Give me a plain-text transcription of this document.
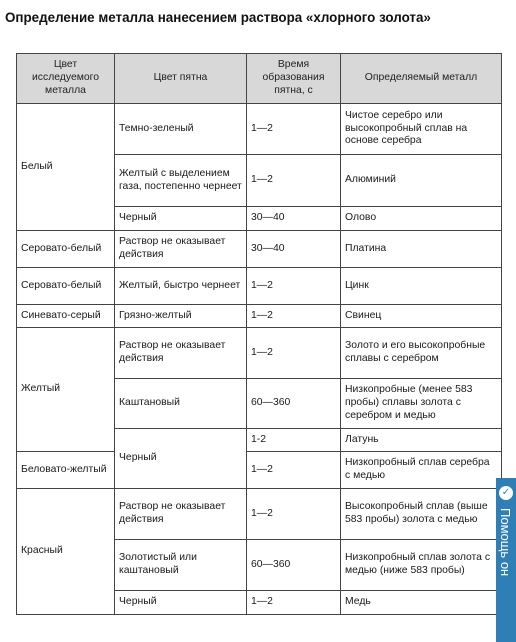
Определение металла нанесением раствора «хлорного золота»
Цвет исследуемого металла	Цвет пятна	Время образования пятна, с	Определяемый металл
Белый	Темно-зеленый	1—2	Чистое серебро или высокопробный сплав на основе серебра
	Желтый с выделением газа, постепенно чернеет	1—2	Алюминий
	Черный	30—40	Олово
Серовато-белый	Раствор не оказывает действия	30—40	Платина
Серовато-белый	Желтый, быстро чернеет	1—2	Цинк
Синевато-серый	Грязно-желтый	1—2	Свинец
Желтый	Раствор не оказывает действия	1—2	Золото и его высокопробные сплавы с серебром
	Каштановый	60—360	Низкопробные (менее 583 пробы) сплавы золота с серебром и медью
	Черный	1-2	Латунь
Беловато-желтый		1—2	Низкопробный сплав серебра с медью
Красный	Раствор не оказывает действия	1—2	Высокопробный сплав (выше 583 пробы) золота с медью
	Золотистый или каштановый	60—360	Низкопробный сплав золота с медью (ниже 583 пробы)
	Черный	1—2	Медь
✓
Помощь он
